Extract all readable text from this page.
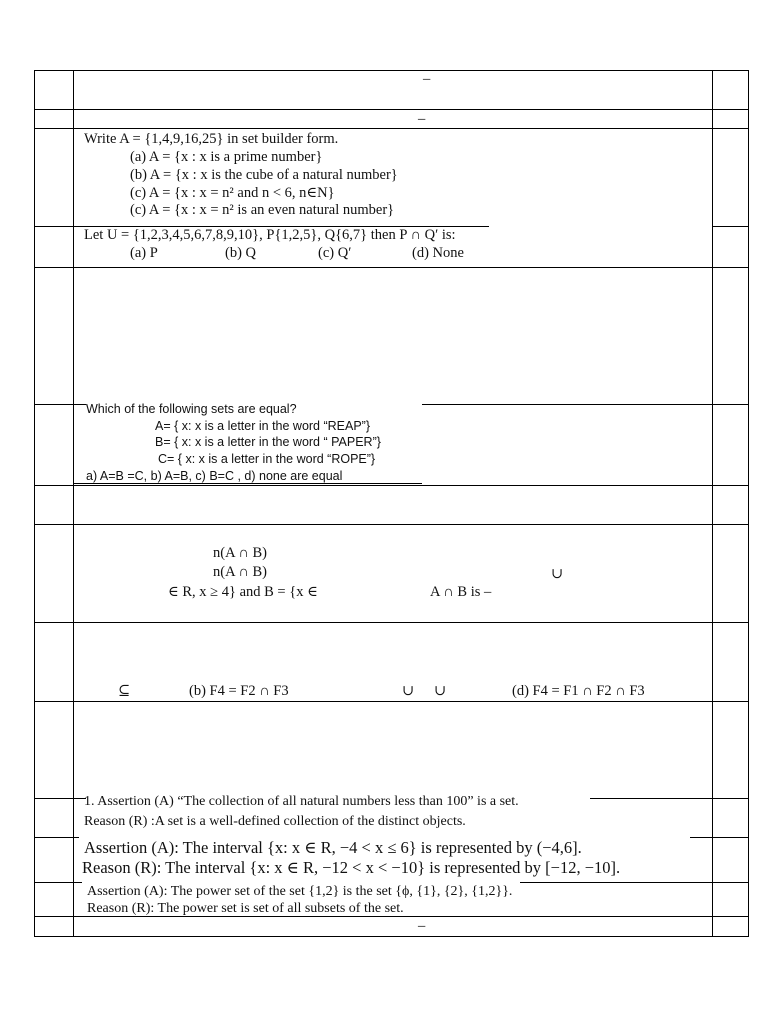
–
–
Write A = {1,4,9,16,25} in set builder form.
(a) A = {x : x is a prime number}
(b) A = {x : x is the cube of a natural number}
(c) A = {x : x = n² and n < 6, n∈N}
(c) A = {x : x = n² is an even natural number}
Let U = {1,2,3,4,5,6,7,8,9,10}, P{1,2,5}, Q{6,7} then P ∩ Q′ is:
(a) P	(b) Q	(c) Q′	(d) None
Which of the following sets are equal?
A= { x: x is a letter in the word “REAP”}
B= { x: x is a letter in the word “ PAPER”}
C= { x: x is a letter in the word “ROPE”}
a) A=B =C, b) A=B, c) B=C , d) none are equal
n(A ∩ B)
n(A ∩ B)	∪
∈ R, x ≥ 4} and B = {x ∈	A ∩ B is –
⊆	(b) F4 = F2 ∩ F3	∪ ∪	(d) F4 = F1 ∩ F2 ∩ F3
1. Assertion (A) “The collection of all natural numbers less than 100” is a set.
Reason (R) :A set is a well-defined collection of the distinct objects.
Assertion (A): The interval {x: x ∈ R, −4 < x ≤ 6} is represented by (−4,6].
Reason (R): The interval {x: x ∈ R, −12 < x < −10} is represented by [−12, −10].
Assertion (A): The power set of the set {1,2} is the set {ϕ, {1}, {2}, {1,2}}.
Reason (R): The power set is set of all subsets of the set.
–
